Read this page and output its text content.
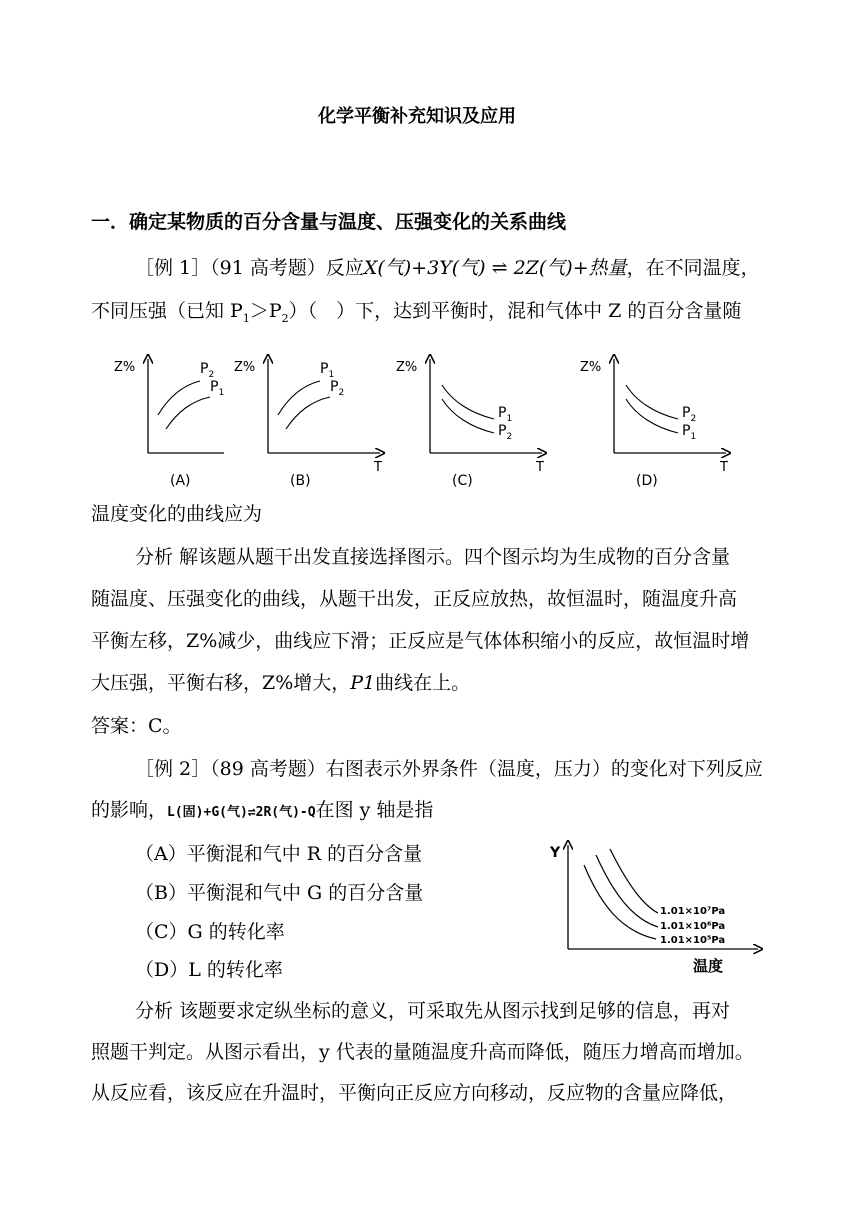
化学平衡补充知识及应用
一．确定某物质的百分含量与温度、压强变化的关系曲线
［例 1］（91 高考题）反应X(气)+3Y(气) ⇌ 2Z(气)+热量，在不同温度，
不同压强（已知 $P_1>P_2$）（　）下，达到平衡时，混和气体中 Z 的百分含量随
Z%
(A)
$P_2$
$P_1$
Z%
T
(B)
$P_1$
$P_2$
Z%
T
(C)
$P_1$
$P_2$
Z%
T
(D)
$P_2$
$P_1$
温度变化的曲线应为
分析 解该题从题干出发直接选择图示。四个图示均为生成物的百分含量
随温度、压强变化的曲线，从题干出发，正反应放热，故恒温时，随温度升高
平衡左移，Z%减少，曲线应下滑；正反应是气体体积缩小的反应，故恒温时增
大压强，平衡右移，Z%增大，P1曲线在上。
答案：C。
［例 2］（89 高考题）右图表示外界条件（温度，压力）的变化对下列反应
的影响，L(固)+G(气)⇌2R(气)-Q在图 y 轴是指
（A）平衡混和气中 R 的百分含量
（B）平衡混和气中 G 的百分含量
（C）G 的转化率
（D）L 的转化率
Y
温度
1.01×10⁷Pa
1.01×10⁶Pa
1.01×10⁵Pa
分析 该题要求定纵坐标的意义，可采取先从图示找到足够的信息，再对
照题干判定。从图示看出，y 代表的量随温度升高而降低，随压力增高而增加。
从反应看，该反应在升温时，平衡向正反应方向移动，反应物的含量应降低，
